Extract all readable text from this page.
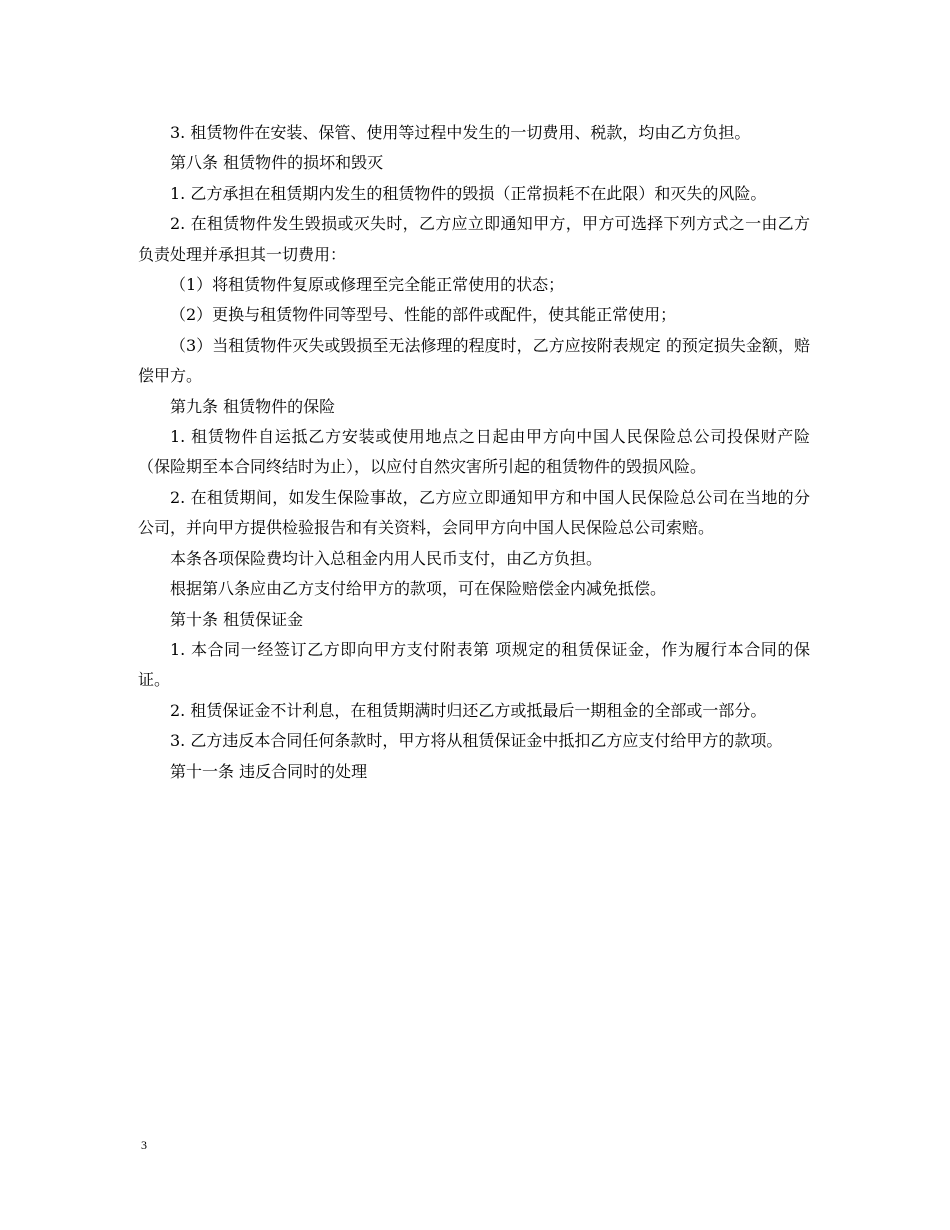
3. 租赁物件在安装、保管、使用等过程中发生的一切费用、税款，均由乙方负担。

第八条 租赁物件的损坏和毁灭

1. 乙方承担在租赁期内发生的租赁物件的毁损（正常损耗不在此限）和灭失的风险。

2. 在租赁物件发生毁损或灭失时，乙方应立即通知甲方，甲方可选择下列方式之一由乙方负责处理并承担其一切费用：

（1）将租赁物件复原或修理至完全能正常使用的状态；

（2）更换与租赁物件同等型号、性能的部件或配件，使其能正常使用；

（3）当租赁物件灭失或毁损至无法修理的程度时，乙方应按附表规定 的预定损失金额，赔偿甲方。

第九条 租赁物件的保险

1. 租赁物件自运抵乙方安装或使用地点之日起由甲方向中国人民保险总公司投保财产险（保险期至本合同终结时为止），以应付自然灾害所引起的租赁物件的毁损风险。

2. 在租赁期间，如发生保险事故，乙方应立即通知甲方和中国人民保险总公司在当地的分公司，并向甲方提供检验报告和有关资料，会同甲方向中国人民保险总公司索赔。

本条各项保险费均计入总租金内用人民币支付，由乙方负担。

根据第八条应由乙方支付给甲方的款项，可在保险赔偿金内减免抵偿。

第十条 租赁保证金

1. 本合同一经签订乙方即向甲方支付附表第 项规定的租赁保证金，作为履行本合同的保证。

2. 租赁保证金不计利息，在租赁期满时归还乙方或抵最后一期租金的全部或一部分。

3. 乙方违反本合同任何条款时，甲方将从租赁保证金中抵扣乙方应支付给甲方的款项。

第十一条 违反合同时的处理

3
